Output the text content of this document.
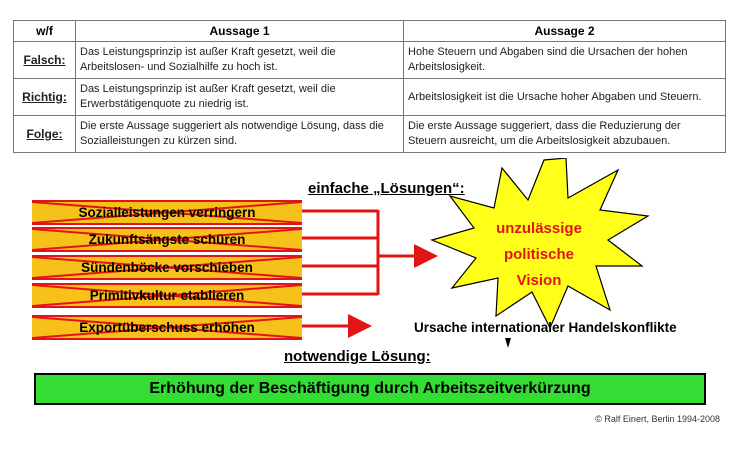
w/f	Aussage 1	Aussage 2
Falsch:	Das Leistungsprinzip ist außer Kraft gesetzt, weil die Arbeitslosen- und Sozialhilfe zu hoch ist.	Hohe Steuern und Abgaben sind die Ursachen der hohen Arbeitslosigkeit.
Richtig:	Das Leistungsprinzip ist außer Kraft gesetzt, weil die Erwerbstätigenquote zu niedrig ist.	Arbeitslosigkeit ist die Ursache hoher Abgaben und Steuern.
Folge:	Die erste Aussage suggeriert als notwendige Lösung, dass die Sozialleistungen zu kürzen sind.	Die erste Aussage suggeriert, dass die Reduzierung der Steuern ausreicht, um die Arbeitslosigkeit abzubauen.
einfache „Lösungen“:
Sozialleistungen verringern
Zukunftsängste schüren
Sündenböcke vorschieben
Primitivkultur etablieren
Exportüberschuss erhöhen
unzulässige
politische
Vision
Ursache internationaler Handelskonflikte
notwendige Lösung:
Erhöhung der Beschäftigung durch Arbeitszeitverkürzung
© Ralf Einert, Berlin 1994-2008
